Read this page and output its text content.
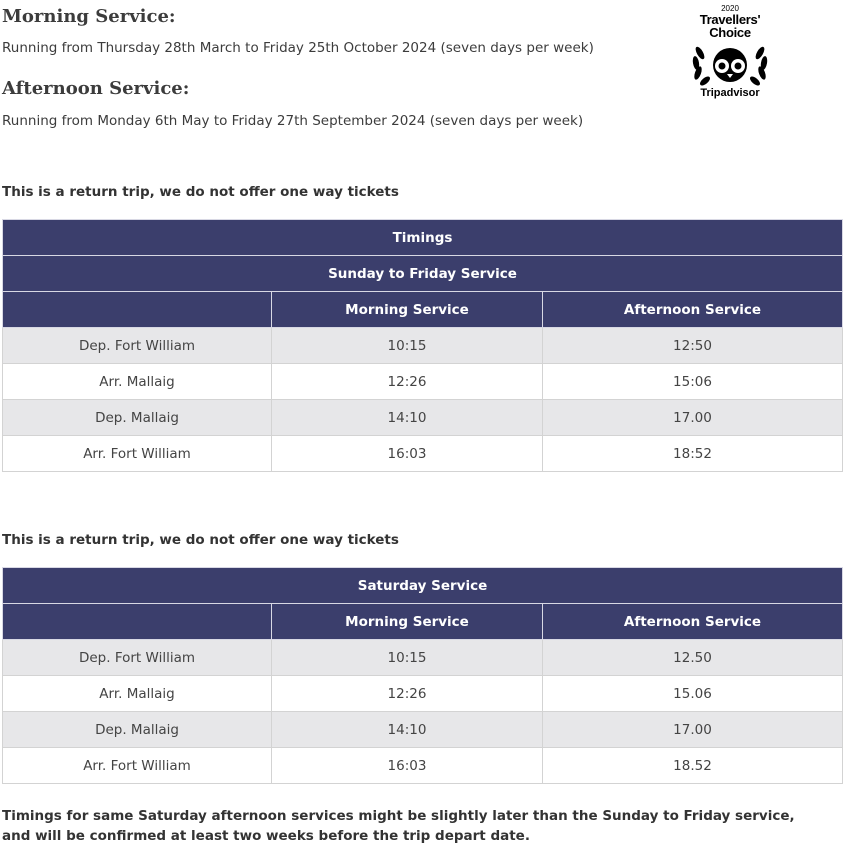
Morning Service:

Running from Thursday 28th March to Friday 25th October 2024 (seven days per week)

Afternoon Service:

Running from Monday 6th May to Friday 27th September 2024 (seven days per week)

2020
Travellers'
Choice
Tripadvisor

This is a return trip, we do not offer one way tickets

Timings		
Sunday to Friday Service		
	Morning Service	Afternoon Service
Dep. Fort William	10:15	12:50
Arr. Mallaig	12:26	15:06
Dep. Mallaig	14:10	17.00
Arr. Fort William	16:03	18:52

This is a return trip, we do not offer one way tickets

Saturday Service		
	Morning Service	Afternoon Service
Dep. Fort William	10:15	12.50
Arr. Mallaig	12:26	15.06
Dep. Mallaig	14:10	17.00
Arr. Fort William	16:03	18.52

Timings for same Saturday afternoon services might be slightly later than the Sunday to Friday service, and will be confirmed at least two weeks before the trip depart date.
